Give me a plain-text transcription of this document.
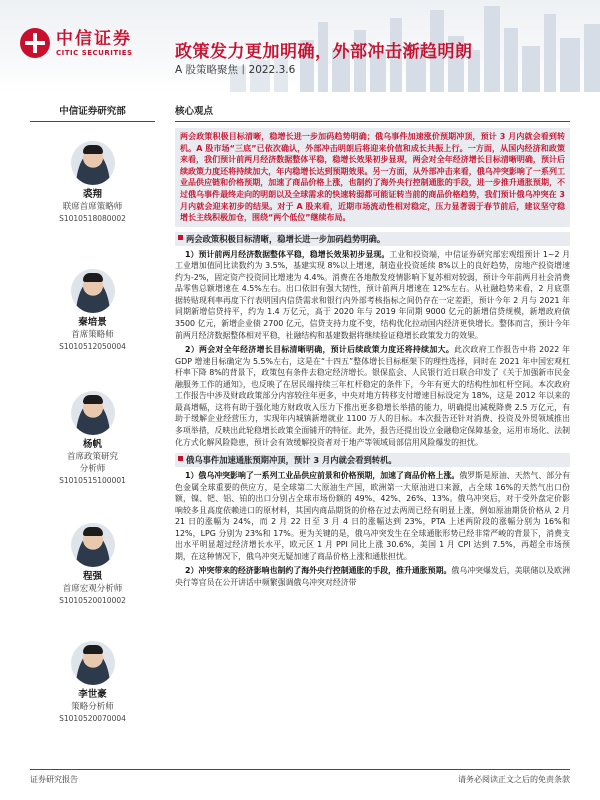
中信证券
CITIC SECURITIES 政策发力更加明确，外部冲击渐趋明朗
A 股策略聚焦丨2022.3.6
中信证券研究部
裘翔
联席首席策略师
S1010518080002
秦培景
首席策略师
S1010512050004
杨帆
首席政策研究
分析师
S1010515100001
程强
首席宏观分析师
S1010520010002
李世豪
策略分析师
S1010520070004
核心观点
两会政策积极目标清晰，稳增长进一步加码趋势明确；俄乌事件加速涨价预期冲顶，预计 3 月内就会看到转机。A 股市场“三底”已依次确认，外部冲击明朗后将迎来价值和成长共振上行。一方面，从国内经济和政策来看，我们预计前两月经济数据整体平稳，稳增长效果初步显现，两会对全年经济增长目标清晰明确，预计后续政策力度还将持续加大，年内稳增长达到预期效果。另一方面，从外部冲击来看，俄乌冲突影响了一系列工业品供应链和价格预期，加速了商品价格上涨，也制约了海外央行控制通胀的手段，进一步推升通胀预期，不过俄乌事件最终走向的明朗以及全球需求的快速转弱都可能证转当前的商品价格趋势，我们预计俄乌冲突在 3 月内就会迎来初步的结果。对于 A 股来看，近期市场流动性相对稳定，压力显著弱于春节前后，建议坚守稳增长主线积极加仓，围绕“两个低位”继续布局。
两会政策积极目标清晰，稳增长进一步加码趋势明确。

1）预计前两月经济数据整体平稳，稳增长效果初步显现。工业和投资端，中信证券研究部宏观组预计 1~2 月工业增加值同比读数约为 3.5%，基建实现 8%以上增速，制造业投资延续 8%以上的良好趋势，房地产投资增速约为-2%，固定资产投资同比增速为 4.4%。消费在各地散发疫情影响下复苏相对较弱，预计今年前两月社会消费品零售总额增速在 4.5%左右。出口依旧有强大韧性，预计前两月增速在 12%左右。从社融趋势来看，2 月底票据转贴现利率再度下行表明国内信贷需求和银行内外部考核指标之间仍存在一定差距，预计今年 2 月与 2021 年同期新增信贷持平，约为 1.4 万亿元，高于 2020 年与 2019 年同期 9000 亿元的新增信贷规模，新增政府债 3500 亿元，新增企业债 2700 亿元，信贷支持力度不变，结构优化拉动国内经济更快增长。整体而言，预计今年前两月经济数据整体相对平稳，社融结构和基建数据将继续验证稳增长政策发力的效果。

2）两会对全年经济增长目标清晰明确，预计后续政策力度还将持续加大。此次政府工作报告中将 2022 年 GDP 增速目标确定为 5.5%左右，这是在“十四五”整体增长目标框架下的理性选择，同时在 2021 年中国宏观杠杆率下降 8%的背景下，政策包有条件去稳定经济增长。银保监会、人民银行近日联合印发了《关于加强新市民金融服务工作的通知》，也反映了在居民端持续三年杠杆稳定的条件下，今年有更大的结构性加杠杆空间。本次政府工作报告中涉及财政政策部分内容较往年更多，中央对地方转移支付增速目标设定为 18%，这是 2012 年以来的最高增幅，这将有助于强化地方财政收入压力下推出更多稳增长举措的能力，明确提出减税降费 2.5 万亿元，有助于缓解企业经营压力，实现年内城镇新增就业 1100 万人的目标。本次报告还针对消费、投资及外贸领域推出多项举措，反映出此轮稳增长政策全面铺开的特征。此外，报告还提出设立金融稳定保障基金，运用市场化、法制化方式化解风险隐患，预计会有效缓解投资者对于地产等领域局部信用风险爆发的担忧。

俄乌事件加速通胀预期冲顶，预计 3 月内就会看到转机。

1）俄乌冲突影响了一系列工业品供应前景和价格预期，加速了商品价格上涨。俄罗斯是原油、天然气、部分有色金属全球重要的供应方，是全球第二大原油生产国，欧洲第一大原油进口来源，占全球 16%的天然气出口份额，镍、钯、铝、铂的出口分别占全球市场份额的 49%、42%、26%、13%。俄乌冲突后，对于受外盘定价影响较多且高度依赖进口的原材料，其国内商品期货的价格在过去两周已经有明显上涨，例如原油期货价格从 2 月 21 日的涨幅为 24%，而 2 月 22 日至 3 月 4 日的涨幅达到 23%，PTA 上述两阶段的涨幅分别为 16%和 12%，LPG 分别为 23%和 17%。更为关键的是，俄乌冲突发生在全球通胀形势已经非常严峻的背景下，消费支出水平明显超过经济增长水平，欧元区 1 月 PPI 同比上涨 30.6%，美国 1 月 CPI 达到 7.5%，再超全市场预期，在这种情况下，俄乌冲突无疑加速了商品价格上涨和通胀担忧。

2）冲突带来的经济影响也制约了海外央行控制通胀的手段，推升通胀预期。俄乌冲突爆发后，美联储以及欧洲央行等官员在公开讲话中频繁强调俄乌冲突对经济带

证券研究报告	请务必阅读正文之后的免责条款
